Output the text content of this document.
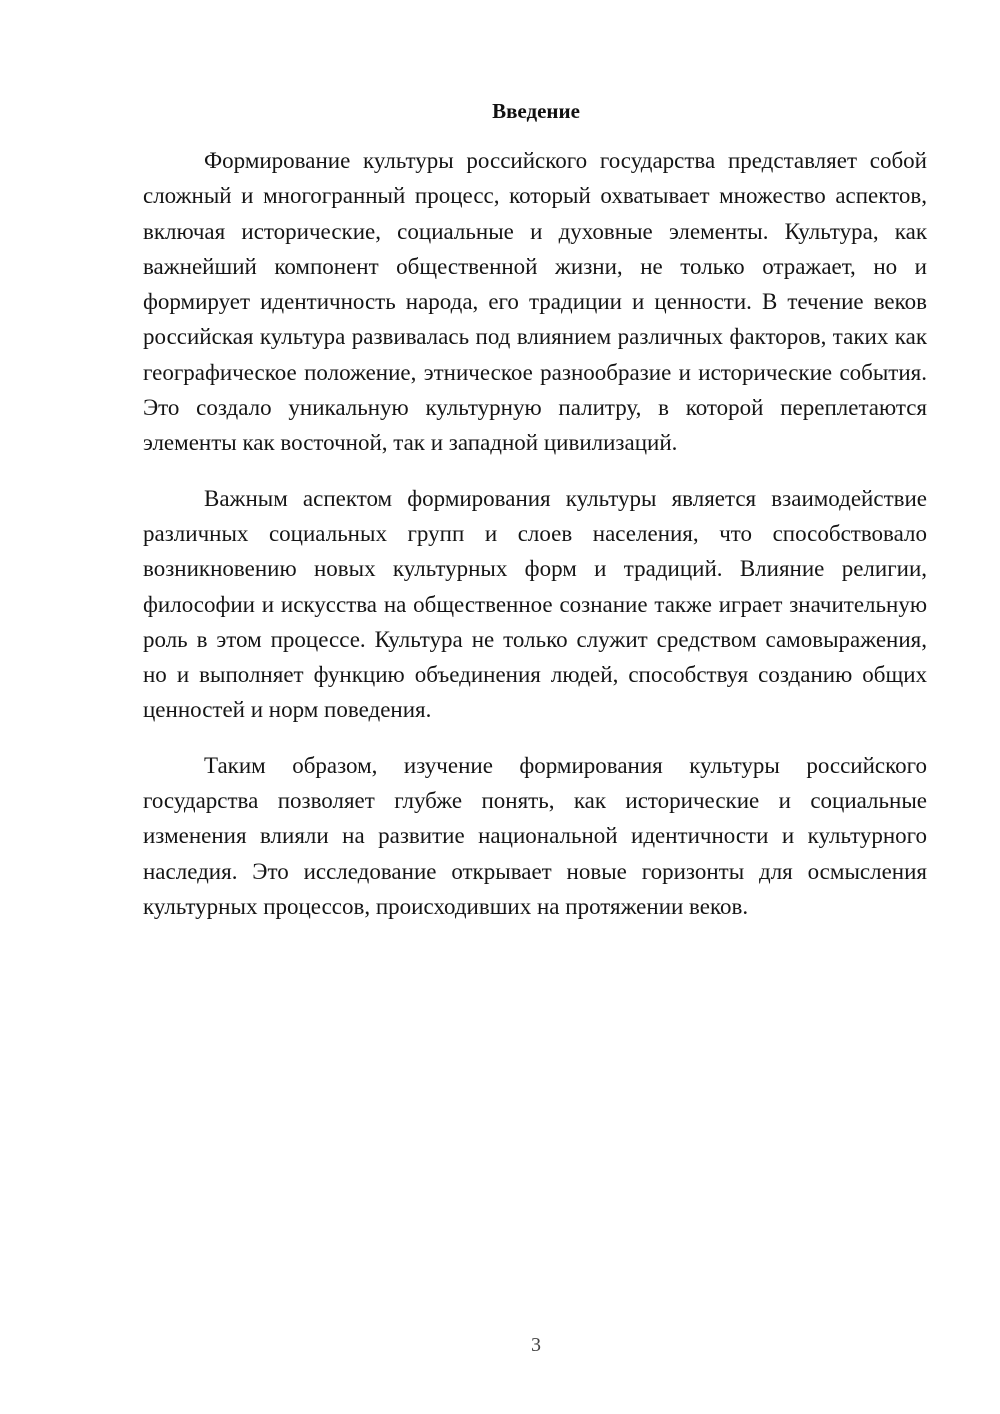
Введение

Формирование культуры российского государства представляет собой сложный и многогранный процесс, который охватывает множество аспектов, включая исторические, социальные и духовные элементы. Культура, как важнейший компонент общественной жизни, не только отражает, но и формирует идентичность народа, его традиции и ценности. В течение веков российская культура развивалась под влиянием различных факторов, таких как географическое положение, этническое разнообразие и исторические события. Это создало уникальную культурную палитру, в которой переплетаются элементы как восточной, так и западной цивилизаций.

Важным аспектом формирования культуры является взаимодействие различных социальных групп и слоев населения, что способствовало возникновению новых культурных форм и традиций. Влияние религии, философии и искусства на общественное сознание также играет значительную роль в этом процессе. Культура не только служит средством самовыражения, но и выполняет функцию объединения людей, способствуя созданию общих ценностей и норм поведения.

Таким образом, изучение формирования культуры российского государства позволяет глубже понять, как исторические и социальные изменения влияли на развитие национальной идентичности и культурного наследия. Это исследование открывает новые горизонты для осмысления культурных процессов, происходивших на протяжении веков.

3
